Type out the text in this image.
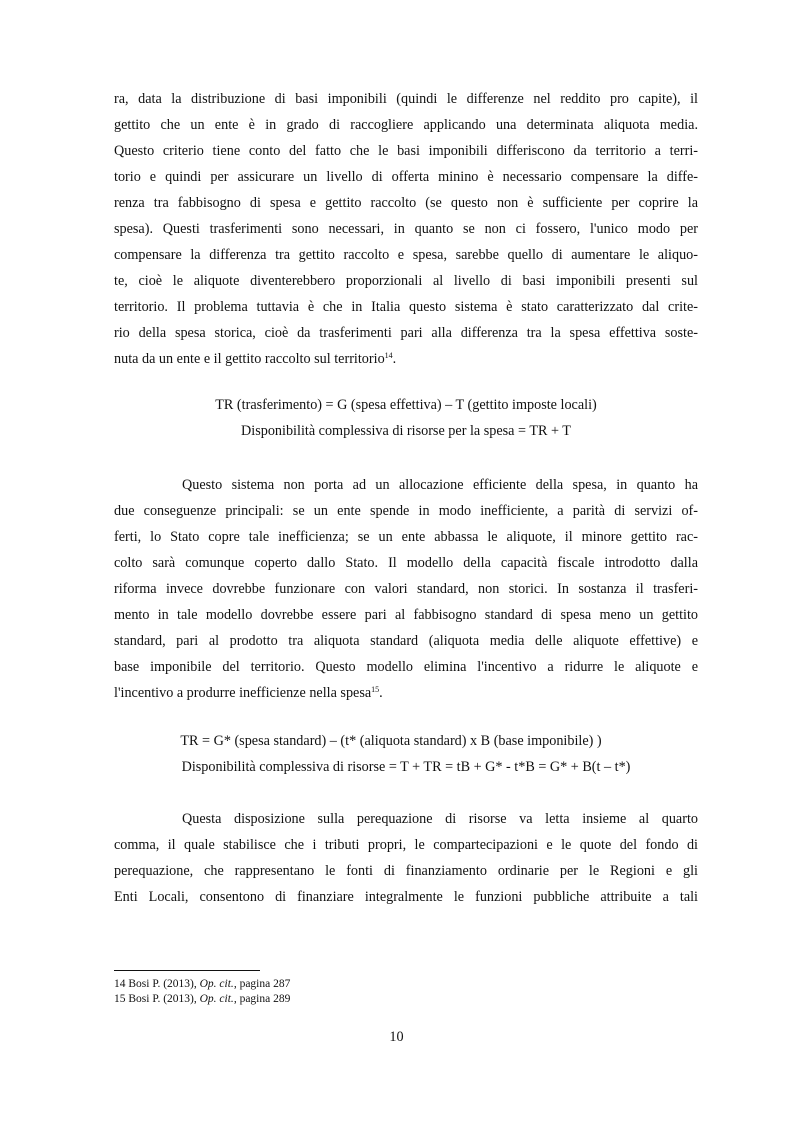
ra, data la distribuzione di basi imponibili (quindi le differenze nel reddito pro capite), il
gettito che un ente è in grado di raccogliere applicando una determinata aliquota media.
Questo criterio tiene conto del fatto che le basi imponibili differiscono da territorio a terri-
torio e quindi per assicurare un livello di offerta minino è necessario compensare la diffe-
renza tra fabbisogno di spesa e gettito raccolto (se questo non è sufficiente per coprire la
spesa). Questi trasferimenti sono necessari, in quanto se non ci fossero, l'unico modo per
compensare la differenza tra gettito raccolto e spesa, sarebbe quello di aumentare le aliquo-
te, cioè le aliquote diventerebbero proporzionali al livello di basi imponibili presenti sul
territorio. Il problema tuttavia è che in Italia questo sistema è stato caratterizzato dal crite-
rio della spesa storica, cioè da trasferimenti pari alla differenza tra la spesa effettiva soste-
nuta da un ente e il gettito raccolto sul territorio$^{14}$.
TR (trasferimento) = G (spesa effettiva) – T (gettito imposte locali)
Disponibilità complessiva di risorse per la spesa = TR + T
Questo sistema non porta ad un allocazione efficiente della spesa, in quanto ha
due conseguenze principali: se un ente spende in modo inefficiente, a parità di servizi of-
ferti, lo Stato copre tale inefficienza; se un ente abbassa le aliquote, il minore gettito rac-
colto sarà comunque coperto dallo Stato. Il modello della capacità fiscale introdotto dalla
riforma invece dovrebbe funzionare con valori standard, non storici. In sostanza il trasferi-
mento in tale modello dovrebbe essere pari al fabbisogno standard di spesa meno un gettito
standard, pari al prodotto tra aliquota standard (aliquota media delle aliquote effettive) e
base imponibile del territorio. Questo modello elimina l'incentivo a ridurre le aliquote e
l'incentivo a produrre inefficienze nella spesa$^{15}$.
TR = G* (spesa standard) – (t* (aliquota standard) x B (base imponibile) )
Disponibilità complessiva di risorse = T + TR = tB + G* - t*B = G* + B(t – t*)
Questa disposizione sulla perequazione di risorse va letta insieme al quarto
comma, il quale stabilisce che i tributi propri, le compartecipazioni e le quote del fondo di
perequazione, che rappresentano le fonti di finanziamento ordinarie per le Regioni e gli
Enti Locali, consentono di finanziare integralmente le funzioni pubbliche attribuite a tali
14 Bosi P. (2013), Op. cit., pagina 287
15 Bosi P. (2013), Op. cit., pagina 289
10
